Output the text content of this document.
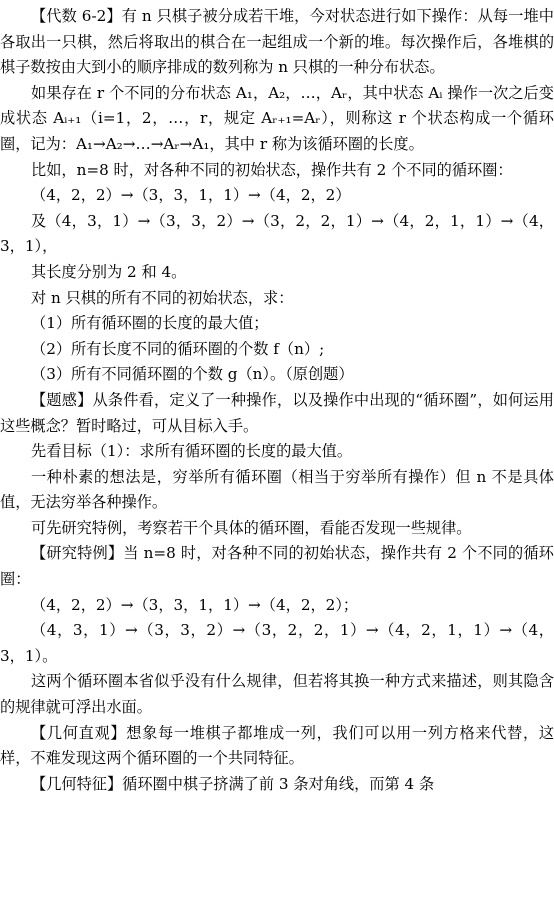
【代数 6-2】有 n 只棋子被分成若干堆，今对状态进行如下操作：从每一堆中各取出一只棋，然后将取出的棋合在一起组成一个新的堆。每次操作后，各堆棋的棋子数按由大到小的顺序排成的数列称为 n 只棋的一种分布状态。

如果存在 r 个不同的分布状态 A₁，A₂，…，Aᵣ，其中状态 Aᵢ 操作一次之后变成状态 Aᵢ₊₁（i=1，2，…，r，规定 Aᵣ₊₁=Aᵣ），则称这 r 个状态构成一个循环圈，记为：A₁→A₂→…→Aᵣ→A₁，其中 r 称为该循环圈的长度。

比如，n=8 时，对各种不同的初始状态，操作共有 2 个不同的循环圈：

（4，2，2）→（3，3，1，1）→（4，2，2）

及（4，3，1）→（3，3，2）→（3，2，2，1）→（4，2，1，1）→（4，3，1），

其长度分别为 2 和 4。

对 n 只棋的所有不同的初始状态，求：

（1）所有循环圈的长度的最大值；

（2）所有长度不同的循环圈的个数 f（n）;

（3）所有不同循环圈的个数 g（n）。（原创题）

【题感】从条件看，定义了一种操作，以及操作中出现的“循环圈”，如何运用这些概念？暂时略过，可从目标入手。

先看目标（1）：求所有循环圈的长度的最大值。

一种朴素的想法是，穷举所有循环圈（相当于穷举所有操作）但 n 不是具体值，无法穷举各种操作。

可先研究特例，考察若干个具体的循环圈，看能否发现一些规律。

【研究特例】当 n=8 时，对各种不同的初始状态，操作共有 2 个不同的循环圈：

（4，2，2）→（3，3，1，1）→（4，2，2）；

（4，3，1）→（3，3，2）→（3，2，2，1）→（4，2，1，1）→（4，3，1）。

这两个循环圈本省似乎没有什么规律，但若将其换一种方式来描述，则其隐含的规律就可浮出水面。

【几何直观】想象每一堆棋子都堆成一列，我们可以用一列方格来代替，这样，不难发现这两个循环圈的一个共同特征。

【几何特征】循环圈中棋子挤满了前 3 条对角线，而第 4 条
